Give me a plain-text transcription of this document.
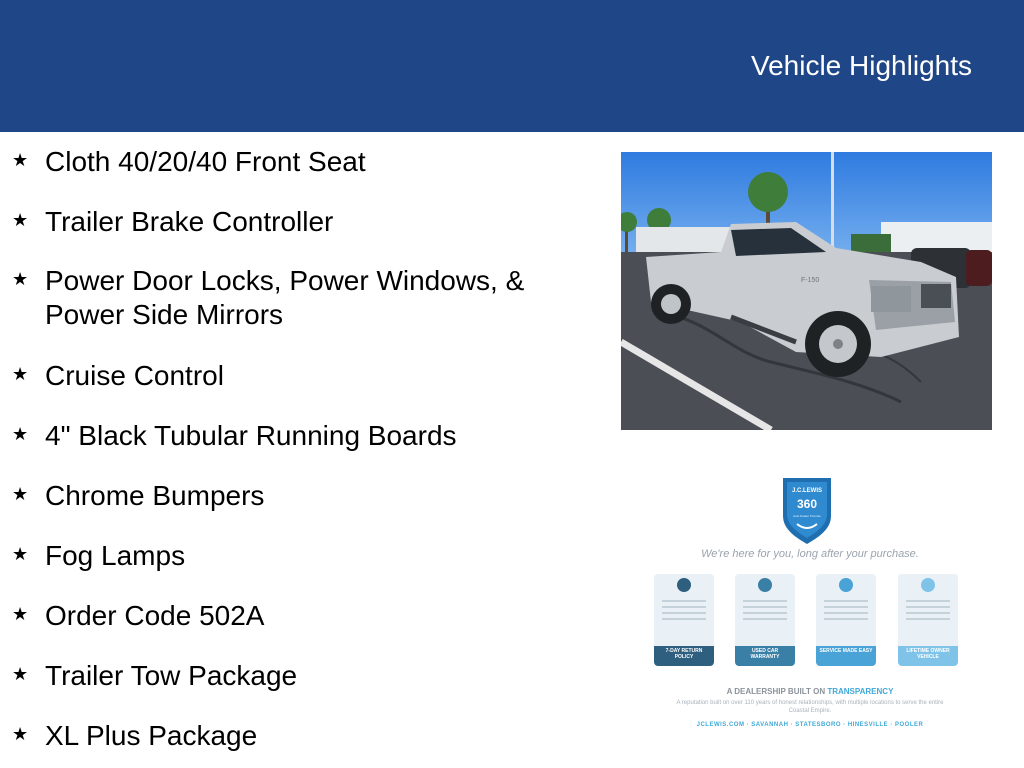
Vehicle Highlights
★ Cloth 40/20/40 Front Seat
★ Trailer Brake Controller
★ Power Door Locks, Power Windows, & Power Side Mirrors
★ Cruise Control
★ 4" Black Tubular Running Boards
★ Chrome Bumpers
★ Fog Lamps
★ Order Code 502A
★ Trailer Tow Package
★ XL Plus Package
F-150
J.C.LEWIS
360
Auto Dealer Promise
We're here for you, long after your purchase.
7-DAY RETURN POLICY
USED CAR WARRANTY
SERVICE MADE EASY	LIFETIME OWNER VEHICLE
A DEALERSHIP BUILT ON TRANSPARENCY
A reputation built on over 110 years of honest relationships, with multiple locations to serve the entire Coastal Empire.
JCLEWIS.COM · SAVANNAH · STATESBORO · HINESVILLE · POOLER
